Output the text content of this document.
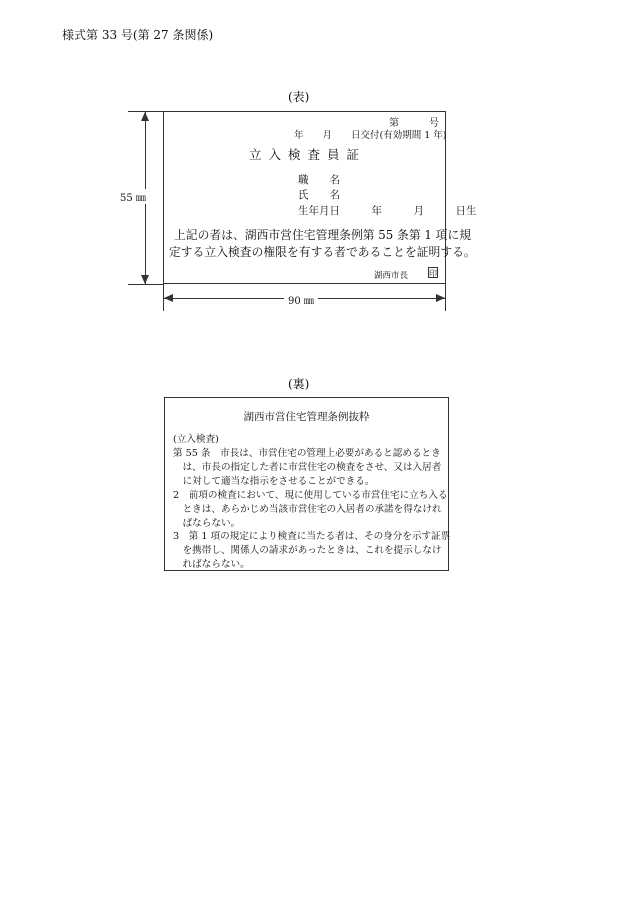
様式第 33 号(第 27 条関係)
(表)
第	号
年　　月　　日交付(有効期間 1 年)
立入検査員証
職　　名
氏　　名
生年月日　　　年　　　月　　　日生
上記の者は、湖西市営住宅管理条例第 55 条第 1 項に規
定する立入検査の権限を有する者であることを証明する。
湖西市長	印
55 ㎜
90 ㎜
(裏)
湖西市営住宅管理条例抜粋
(立入検査)
第 55 条　市長は、市営住宅の管理上必要があると認めるとき
　は、市長の指定した者に市営住宅の検査をさせ、又は入居者
　に対して適当な指示をさせることができる。
2　前項の検査において、現に使用している市営住宅に立ち入る
　ときは、あらかじめ当該市営住宅の入居者の承諾を得なけれ
　ばならない。
3　第 1 項の規定により検査に当たる者は、その身分を示す証票
　を携帯し、関係人の請求があったときは、これを提示しなけ
　ればならない。
